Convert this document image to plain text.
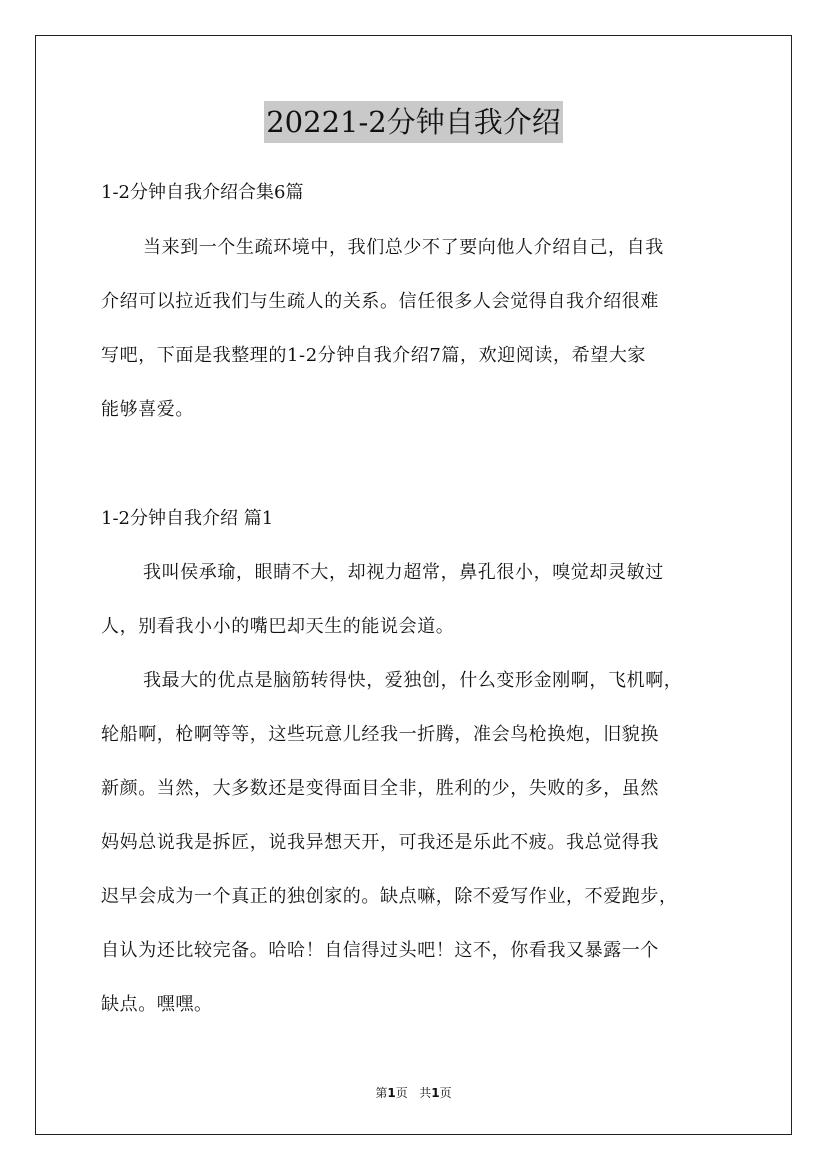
20221-2分钟自我介绍
1-2分钟自我介绍合集6篇
当来到一个生疏环境中，我们总少不了要向他人介绍自己，自我
介绍可以拉近我们与生疏人的关系。信任很多人会觉得自我介绍很难
写吧，下面是我整理的1-2分钟自我介绍7篇，欢迎阅读，希望大家
能够喜爱。
1-2分钟自我介绍 篇1
我叫侯承瑜，眼睛不大，却视力超常，鼻孔很小，嗅觉却灵敏过
人，别看我小小的嘴巴却天生的能说会道。
我最大的优点是脑筋转得快，爱独创，什么变形金刚啊，飞机啊，
轮船啊，枪啊等等，这些玩意儿经我一折腾，准会鸟枪换炮，旧貌换
新颜。当然，大多数还是变得面目全非，胜利的少，失败的多，虽然
妈妈总说我是拆匠，说我异想天开，可我还是乐此不疲。我总觉得我
迟早会成为一个真正的独创家的。缺点嘛，除不爱写作业，不爱跑步，
自认为还比较完备。哈哈！自信得过头吧！这不，你看我又暴露一个
缺点。嘿嘿。
第1页 共1页
